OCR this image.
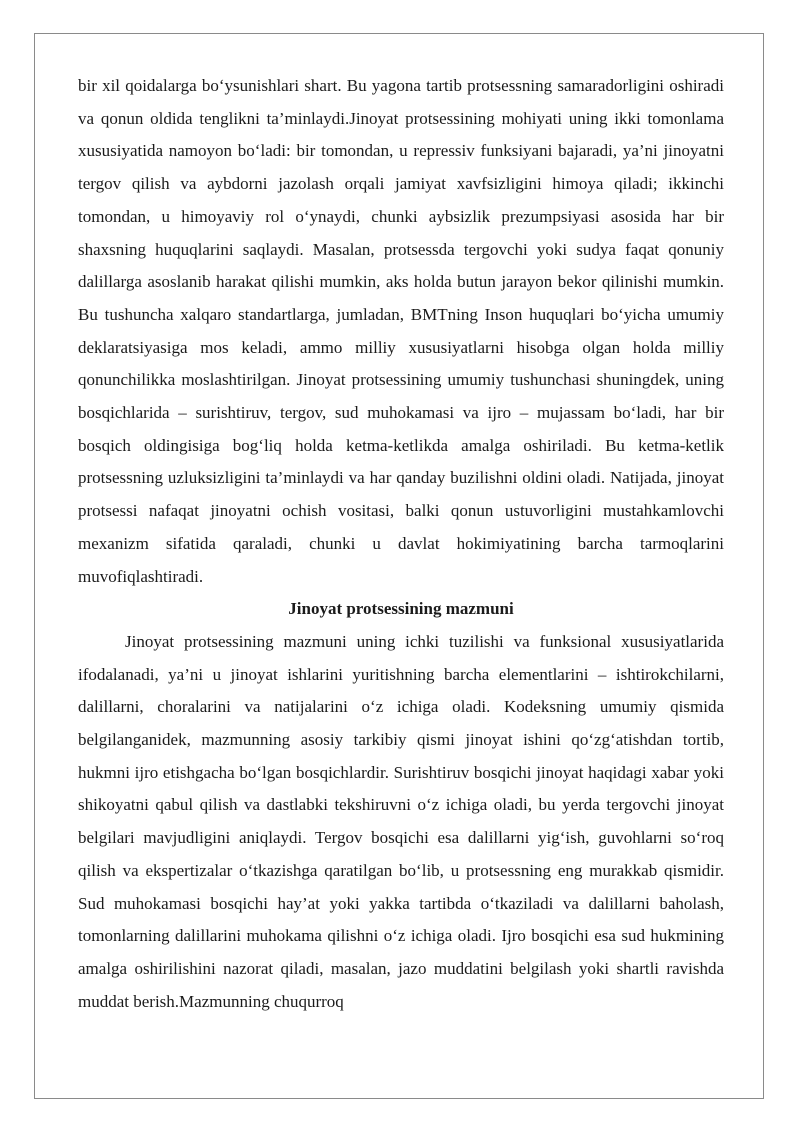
bir xil qoidalarga bo‘ysunishlari shart. Bu yagona tartib protsessning samaradorligini oshiradi va qonun oldida tenglikni ta’minlaydi.Jinoyat protsessining mohiyati uning ikki tomonlama xususiyatida namoyon bo‘ladi: bir tomondan, u repressiv funksiyani bajaradi, ya’ni jinoyatni tergov qilish va aybdorni jazolash orqali jamiyat xavfsizligini himoya qiladi; ikkinchi tomondan, u himoyaviy rol o‘ynaydi, chunki aybsizlik prezumpsiyasi asosida har bir shaxsning huquqlarini saqlaydi. Masalan, protsessda tergovchi yoki sudya faqat qonuniy dalillarga asoslanib harakat qilishi mumkin, aks holda butun jarayon bekor qilinishi mumkin. Bu tushuncha xalqaro standartlarga, jumladan, BMTning Inson huquqlari bo‘yicha umumiy deklaratsiyasiga mos keladi, ammo milliy xususiyatlarni hisobga olgan holda milliy qonunchilikka moslashtirilgan. Jinoyat protsessining umumiy tushunchasi shuningdek, uning bosqichlarida – surishtiruv, tergov, sud muhokamasi va ijro – mujassam bo‘ladi, har bir bosqich oldingisiga bog‘liq holda ketma-ketlikda amalga oshiriladi. Bu ketma-ketlik protsessning uzluksizligini ta’minlaydi va har qanday buzilishni oldini oladi. Natijada, jinoyat protsessi nafaqat jinoyatni ochish vositasi, balki qonun ustuvorligini mustahkamlovchi mexanizm sifatida qaraladi, chunki u davlat hokimiyatining barcha tarmoqlarini muvofiqlashtiradi.

Jinoyat protsessining mazmuni

Jinoyat protsessining mazmuni uning ichki tuzilishi va funksional xususiyatlarida ifodalanadi, ya’ni u jinoyat ishlarini yuritishning barcha elementlarini – ishtirokchilarni, dalillarni, choralarini va natijalarini o‘z ichiga oladi. Kodeksning umumiy qismida belgilanganidek, mazmunning asosiy tarkibiy qismi jinoyat ishini qo‘zg‘atishdan tortib, hukmni ijro etishgacha bo‘lgan bosqichlardir. Surishtiruv bosqichi jinoyat haqidagi xabar yoki shikoyatni qabul qilish va dastlabki tekshiruvni o‘z ichiga oladi, bu yerda tergovchi jinoyat belgilari mavjudligini aniqlaydi. Tergov bosqichi esa dalillarni yig‘ish, guvohlarni so‘roq qilish va ekspertizalar o‘tkazishga qaratilgan bo‘lib, u protsessning eng murakkab qismidir. Sud muhokamasi bosqichi hay’at yoki yakka tartibda o‘tkaziladi va dalillarni baholash, tomonlarning dalillarini muhokama qilishni o‘z ichiga oladi. Ijro bosqichi esa sud hukmining amalga oshirilishini nazorat qiladi, masalan, jazo muddatini belgilash yoki shartli ravishda muddat berish.Mazmunning chuqurroq
